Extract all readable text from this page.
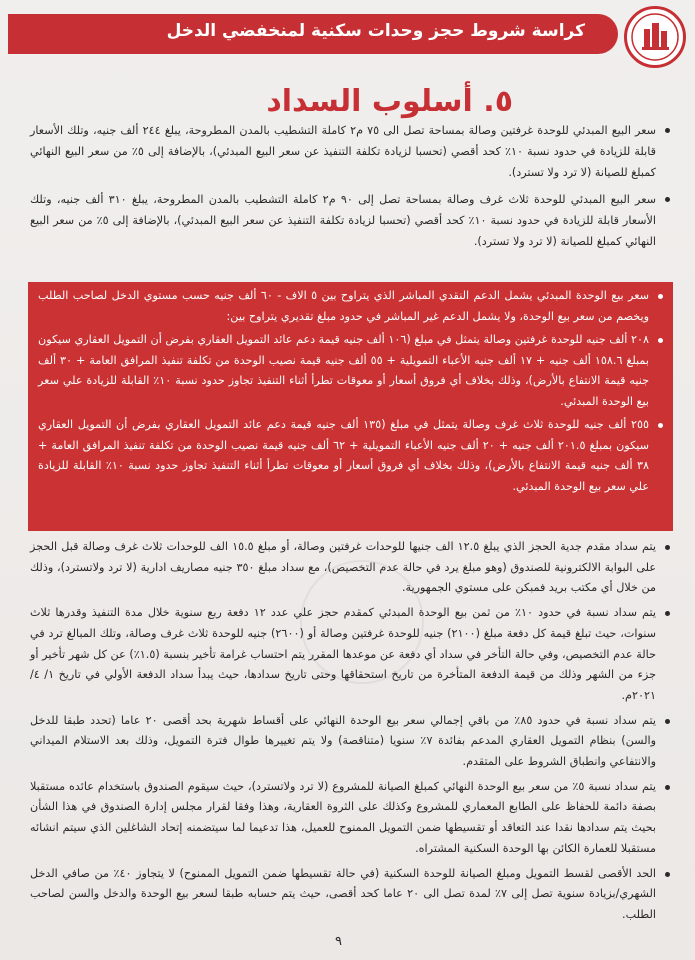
كراسة شروط حجز وحدات سكنية لمنخفضي الدخل
٥. أسلوب السداد
سعر البيع المبدئي للوحدة غرفتين وصالة بمساحة تصل الى ٧٥ م٢ كاملة التشطيب بالمدن المطروحة، يبلغ ٢٤٤ ألف جنيه، وتلك الأسعار قابلة للزيادة في حدود نسبة ١٠٪ كحد أقصي (تحسبا لزيادة تكلفة التنفيذ عن سعر البيع المبدئي)، بالإضافة إلى ٥٪ من سعر البيع النهائي كمبلغ للصيانة (لا ترد ولا تسترد).
سعر البيع المبدئي للوحدة ثلاث غرف وصالة بمساحة تصل إلى ٩٠ م٢ كاملة التشطيب بالمدن المطروحة، يبلغ ٣١٠ ألف جنيه، وتلك الأسعار قابلة للزيادة في حدود نسبة ١٠٪ كحد أقصي (تحسبا لزيادة تكلفة التنفيذ عن سعر البيع المبدئي)، بالإضافة إلى ٥٪ من سعر البيع النهائي كمبلغ للصيانة (لا ترد ولا تسترد).
سعر بيع الوحدة المبدئي يشمل الدعم النقدي المباشر الذي يتراوح بين ٥ الاف - ٦٠ ألف جنيه حسب مستوي الدخل لصاحب الطلب ويخصم من سعر بيع الوحدة، ولا يشمل الدعم غير المباشر في حدود مبلغ تقديري يتراوح بين:
٢٠٨ ألف جنيه للوحدة غرفتين وصالة يتمثل في مبلغ (١٠٦ ألف جنيه قيمة دعم عائد التمويل العقاري بفرض أن التمويل العقاري سيكون بمبلغ ١٥٨.٦ ألف جنيه + ١٧ ألف جنيه الأعباء التمويلية + ٥٥ ألف جنيه قيمة نصيب الوحدة من تكلفة تنفيذ المرافق العامة + ٣٠ ألف جنيه قيمة الانتفاع بالأرض)، وذلك بخلاف أي فروق أسعار أو معوقات تطرأ أثناء التنفيذ تجاوز حدود نسبة ١٠٪ القابلة للزيادة علي سعر بيع الوحدة المبدئي.
٢٥٥ ألف جنيه للوحدة ثلاث غرف وصالة يتمثل في مبلغ (١٣٥ ألف جنيه قيمة دعم عائد التمويل العقاري بفرض أن التمويل العقاري سيكون بمبلغ ٢٠١.٥ ألف جنيه + ٢٠ ألف جنيه الأعباء التمويلية + ٦٢ ألف جنيه قيمة نصيب الوحدة من تكلفة تنفيذ المرافق العامة + ٣٨ ألف جنيه قيمة الانتفاع بالأرض)، وذلك بخلاف أي فروق أسعار أو معوقات تطرأ أثناء التنفيذ تجاوز حدود نسبة ١٠٪ القابلة للزيادة علي سعر بيع الوحدة المبدئي.
يتم سداد مقدم جدية الحجز الذي يبلغ ١٢.٥ الف جنيها للوحدات غرفتين وصالة، أو مبلغ ١٥.٥ الف للوحدات ثلاث غرف وصالة قبل الحجز على البوابة الالكترونية للصندوق (وهو مبلغ يرد في حالة عدم التخصيص)، مع سداد مبلغ ٣٥٠ جنيه مصاريف ادارية (لا ترد ولاتسترد)، وذلك من خلال أي مكتب بريد فمبكن على مستوي الجمهورية.
يتم سداد نسبة في حدود ١٠٪ من ثمن بيع الوحدة المبدئي كمقدم حجز علي عدد ١٢ دفعة ربع سنوية خلال مدة التنفيذ وقدرها ثلاث سنوات، حيث تبلغ قيمة كل دفعة مبلغ (٢١٠٠) جنيه للوحدة غرفتين وصالة أو (٢٦٠٠) جنيه للوحدة ثلاث غرف وصالة، وتلك المبالغ ترد في حالة عدم التخصيص، وفي حالة التأخر في سداد أي دفعة عن موعدها المقرر يتم احتساب غرامة تأخير بنسبة (١.٥٪) عن كل شهر تأخير أو جزء من الشهر وذلك من قيمة الدفعة المتأخرة من تاريخ استحقاقها وحتى تاريخ سدادها، حيث يبدأ سداد الدفعة الأولي في تاريخ ١/ ٤/ ٢٠٢١م.
يتم سداد نسبة في حدود ٨٥٪ من باقي إجمالي سعر بيع الوحدة النهائي على أقساط شهرية بحد أقصى ٢٠ عاما (تحدد طبقا للدخل والسن) بنظام التمويل العقاري المدعم بفائدة ٧٪ سنويا (متناقصة) ولا يتم تغييرها طوال فترة التمويل، وذلك بعد الاستلام الميداني والانتفاعي وانطباق الشروط على المتقدم.
يتم سداد نسبة ٥٪ من سعر بيع الوحدة النهائي كمبلغ الصيانة للمشروع (لا ترد ولاتسترد)، حيث سيقوم الصندوق باستخدام عائده مستقبلا بصفة دائمة للحفاظ على الطابع المعماري للمشروع وكذلك على الثروة العقارية، وهذا وفقا لقرار مجلس إدارة الصندوق في هذا الشأن بحيث يتم سدادها نقدا عند التعاقد أو تقسيطها ضمن التمويل الممنوح للعميل، هذا تدعيما لما سيتضمنه إتحاد الشاغلين الذي سيتم انشائه مستقبلا للعمارة الكائن بها الوحدة السكنية المشتراه.
الحد الأقصى لقسط التمويل ومبلغ الصيانة للوحدة السكنية (في حالة تقسيطها ضمن التمويل الممنوح) لا يتجاوز ٤٠٪ من صافي الدخل الشهري/بزيادة سنوية تصل إلى ٧٪ لمدة تصل الى ٢٠ عاما كحد أقصى، حيث يتم حسابه طبقا لسعر بيع الوحدة والدخل والسن لصاحب الطلب.
٩
